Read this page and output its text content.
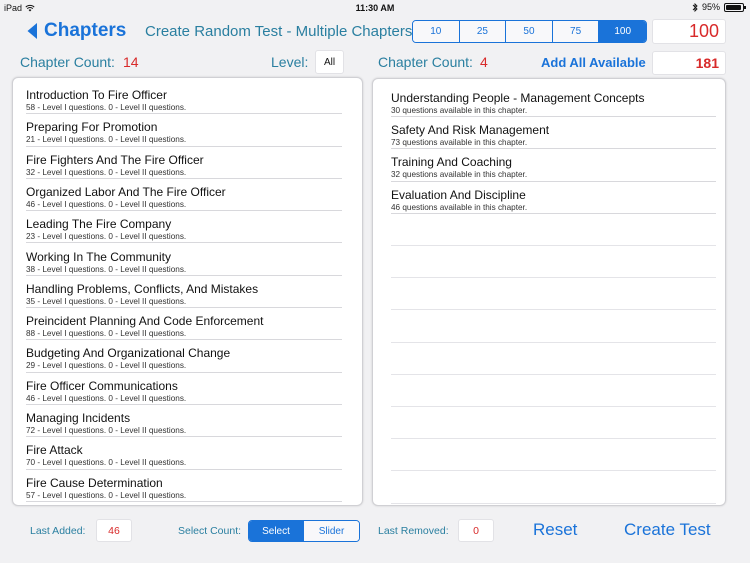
iPad	11:30 AM	95%
Chapters Create Random Test - Multiple Chapters	10	25	50	75	100	100
Chapter Count: 14	Level:	All	Chapter Count: 4	Add All Available	181
Introduction To Fire Officer
58 - Level I questions. 0 - Level II questions.
Preparing For Promotion
21 - Level I questions. 0 - Level II questions.
Fire Fighters And The Fire Officer
32 - Level I questions. 0 - Level II questions.
Organized Labor And The Fire Officer
46 - Level I questions. 0 - Level II questions.
Leading The Fire Company
23 - Level I questions. 0 - Level II questions.
Working In The Community
38 - Level I questions. 0 - Level II questions.
Handling Problems, Conflicts, And Mistakes
35 - Level I questions. 0 - Level II questions.
Preincident Planning And Code Enforcement
88 - Level I questions. 0 - Level II questions.
Budgeting And Organizational Change
29 - Level I questions. 0 - Level II questions.
Fire Officer Communications
46 - Level I questions. 0 - Level II questions.
Managing Incidents
72 - Level I questions. 0 - Level II questions.
Fire Attack
70 - Level I questions. 0 - Level II questions.
Fire Cause Determination
57 - Level I questions. 0 - Level II questions.
Understanding People - Management Concepts
30 questions available in this chapter.
Safety And Risk Management
73 questions available in this chapter.
Training And Coaching
32 questions available in this chapter.
Evaluation And Discipline
46 questions available in this chapter.
Last Added:	46	Select Count:	Select	Slider	Last Removed:	0	Reset	Create Test
